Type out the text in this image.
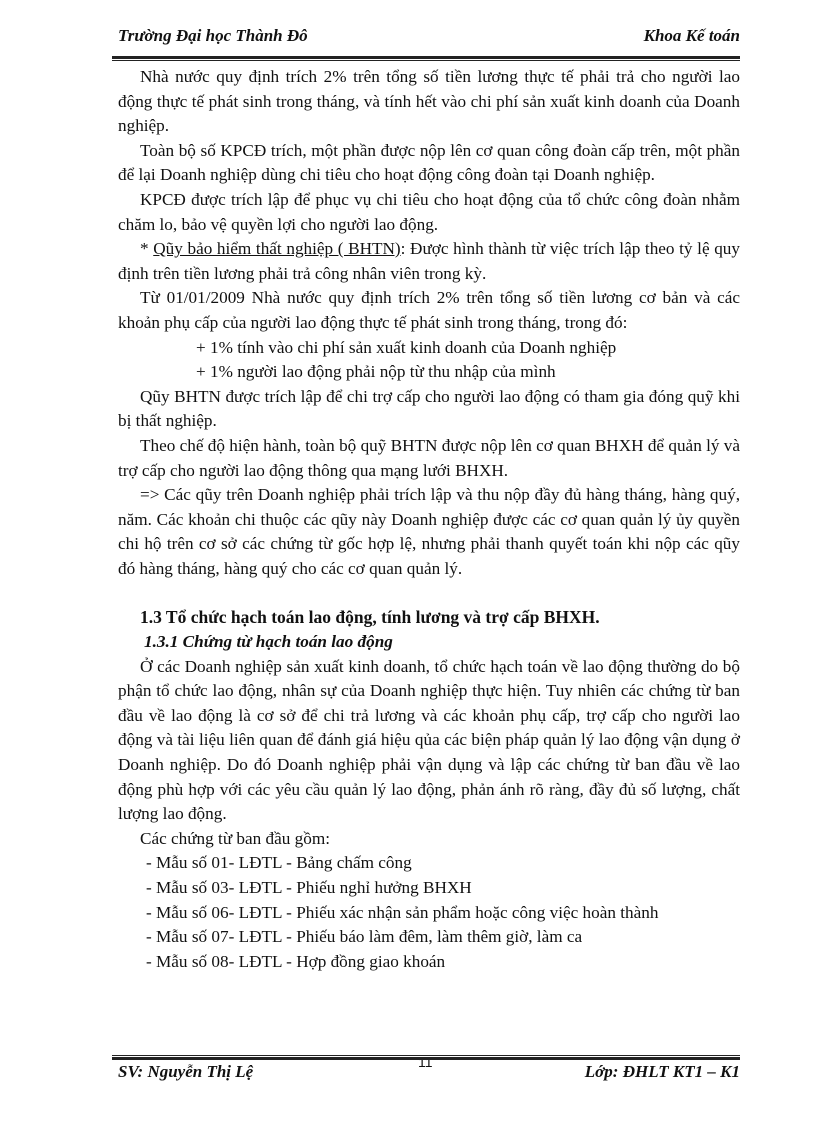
Trường Đại học Thành Đô	Khoa Kế toán

Nhà nước quy định trích 2% trên tổng số tiền lương thực tế phải trả cho người lao động thực tế phát sinh trong tháng, và tính hết vào chi phí sản xuất kinh doanh của Doanh nghiệp.

Toàn bộ số KPCĐ trích, một phần được nộp lên cơ quan công đoàn cấp trên, một phần để lại Doanh nghiệp dùng chi tiêu cho hoạt động công đoàn tại Doanh nghiệp.

KPCĐ được trích lập để phục vụ chi tiêu cho hoạt động của tổ chức công đoàn nhằm chăm lo, bảo vệ quyền lợi cho người lao động.

* Qũy bảo hiểm thất nghiệp ( BHTN): Được hình thành từ việc trích lập theo tỷ lệ quy định trên tiền lương phải trả công nhân viên trong kỳ.

Từ 01/01/2009 Nhà nước quy định trích 2% trên tổng số tiền lương cơ bản và các khoản phụ cấp của người lao động thực tế phát sinh trong tháng, trong đó:

+ 1% tính vào chi phí sản xuất kinh doanh của Doanh nghiệp

+ 1% người lao động phải nộp từ thu nhập của mình

Qũy BHTN được trích lập để chi trợ cấp cho người lao động có tham gia đóng quỹ khi bị thất nghiệp.

Theo chế độ hiện hành, toàn bộ quỹ BHTN được nộp lên cơ quan BHXH để quản lý và trợ cấp cho người lao động thông qua mạng lưới BHXH.

=> Các qũy trên Doanh nghiệp phải trích lập và thu nộp đầy đủ hàng tháng, hàng quý, năm. Các khoản chi thuộc các qũy này Doanh nghiệp được các cơ quan quản lý ủy quyền chi hộ trên cơ sở các chứng từ gốc hợp lệ, nhưng phải thanh quyết toán khi nộp các qũy đó hàng tháng, hàng quý cho các cơ quan quản lý.

1.3 Tổ chức hạch toán lao động, tính lương và trợ cấp BHXH.

1.3.1 Chứng từ hạch toán lao động

Ở các Doanh nghiệp sản xuất kinh doanh, tổ chức hạch toán về lao động thường do bộ phận tổ chức lao động, nhân sự của Doanh nghiệp thực hiện. Tuy nhiên các chứng từ ban đầu về lao động là cơ sở để chi trả lương và các khoản phụ cấp, trợ cấp cho người lao động và tài liệu liên quan để đánh giá hiệu qủa các biện pháp quản lý lao động vận dụng ở Doanh nghiệp. Do đó Doanh nghiệp phải vận dụng và lập các chứng từ ban đầu về lao động phù hợp với các yêu cầu quản lý lao động, phản ánh rõ ràng, đầy đủ số lượng, chất lượng lao động.

Các chứng từ ban đầu gồm:

- Mẫu số 01- LĐTL - Bảng chấm công

- Mẫu số 03- LĐTL - Phiếu nghỉ hưởng BHXH

- Mẫu số 06- LĐTL - Phiếu xác nhận sản phẩm hoặc công việc hoàn thành

- Mẫu số 07- LĐTL - Phiếu báo làm đêm, làm thêm giờ, làm ca

- Mẫu số 08- LĐTL - Hợp đồng giao khoán

11
SV: Nguyễn Thị Lệ	Lớp: ĐHLT KT1 – K1
